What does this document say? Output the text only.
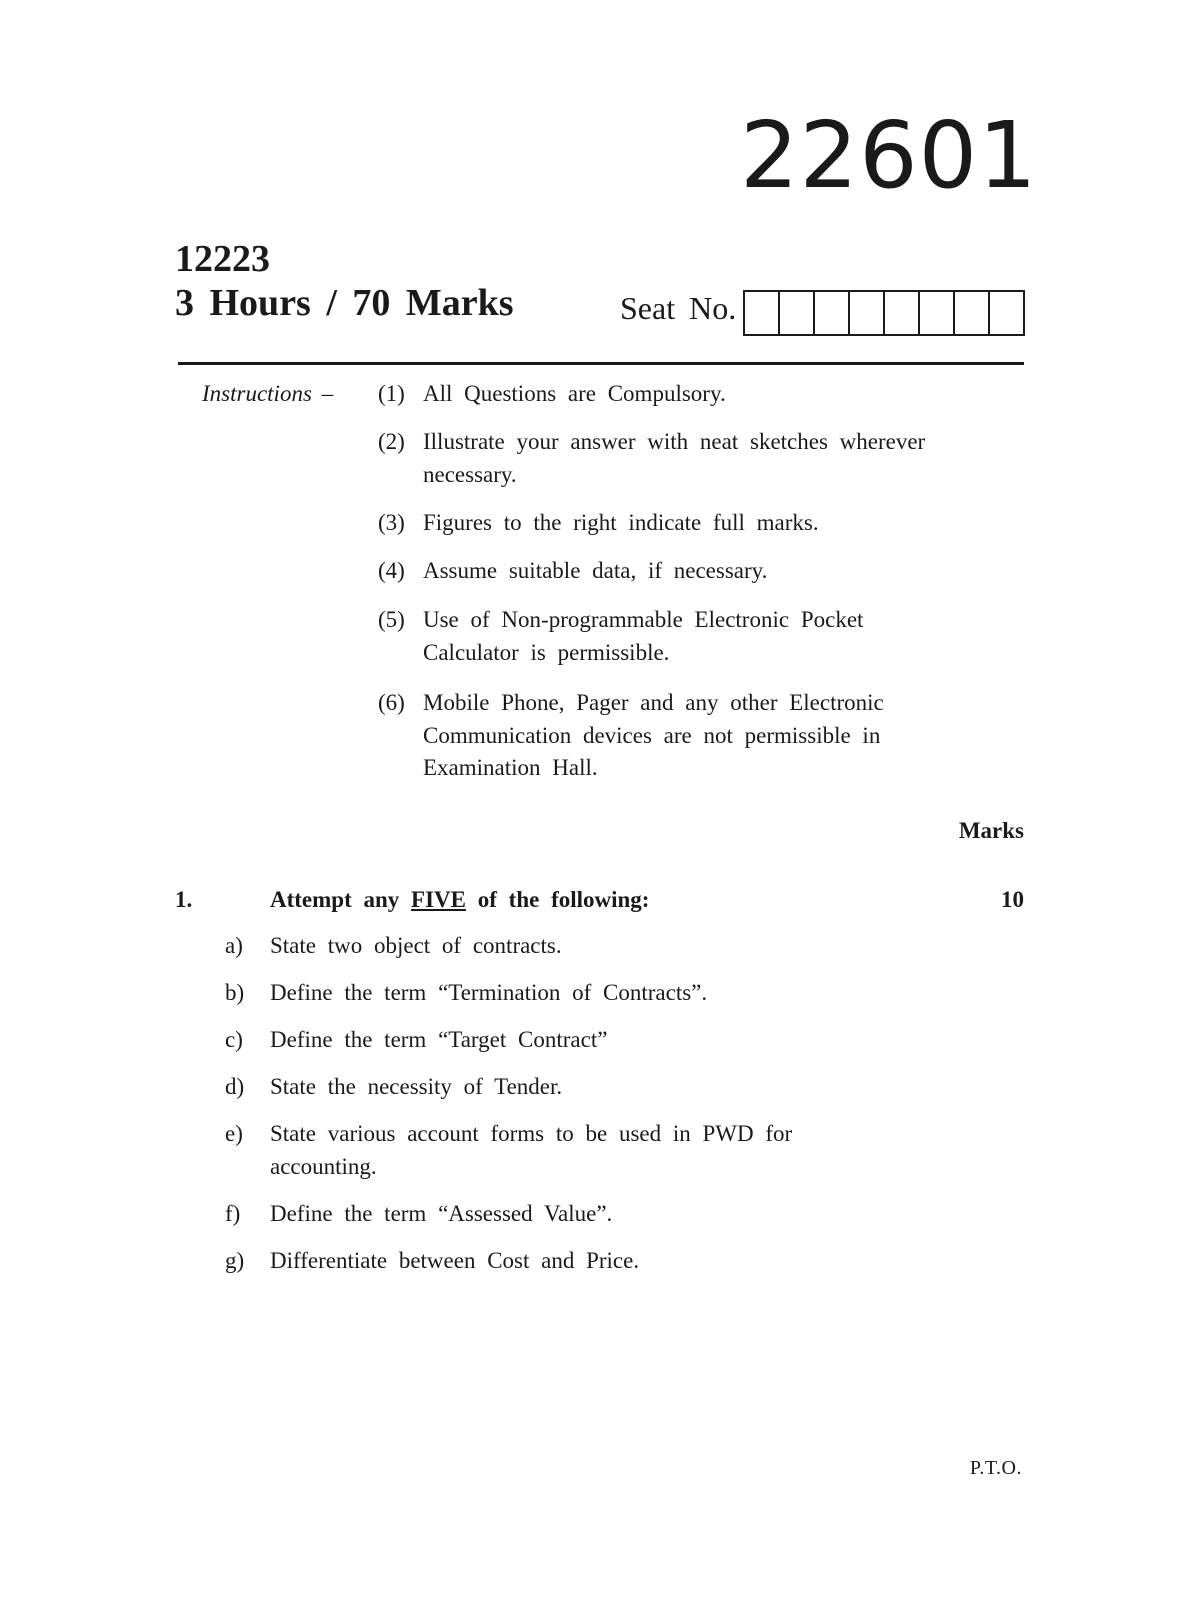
22601
12223
3 Hours / 70 Marks	Seat No.
Instructions – (1) All Questions are Compulsory.
(2) Illustrate your answer with neat sketches wherever necessary.
(3) Figures to the right indicate full marks.
(4) Assume suitable data, if necessary.
(5) Use of Non-programmable Electronic Pocket Calculator is permissible.
(6) Mobile Phone, Pager and any other Electronic Communication devices are not permissible in Examination Hall.
Marks
1.	Attempt any FIVE of the following:	10
a) State two object of contracts.
b) Define the term “Termination of Contracts”.
c) Define the term “Target Contract”
d) State the necessity of Tender.
e) State various account forms to be used in PWD for accounting.
f) Define the term “Assessed Value”.
g) Differentiate between Cost and Price.
P.T.O.
